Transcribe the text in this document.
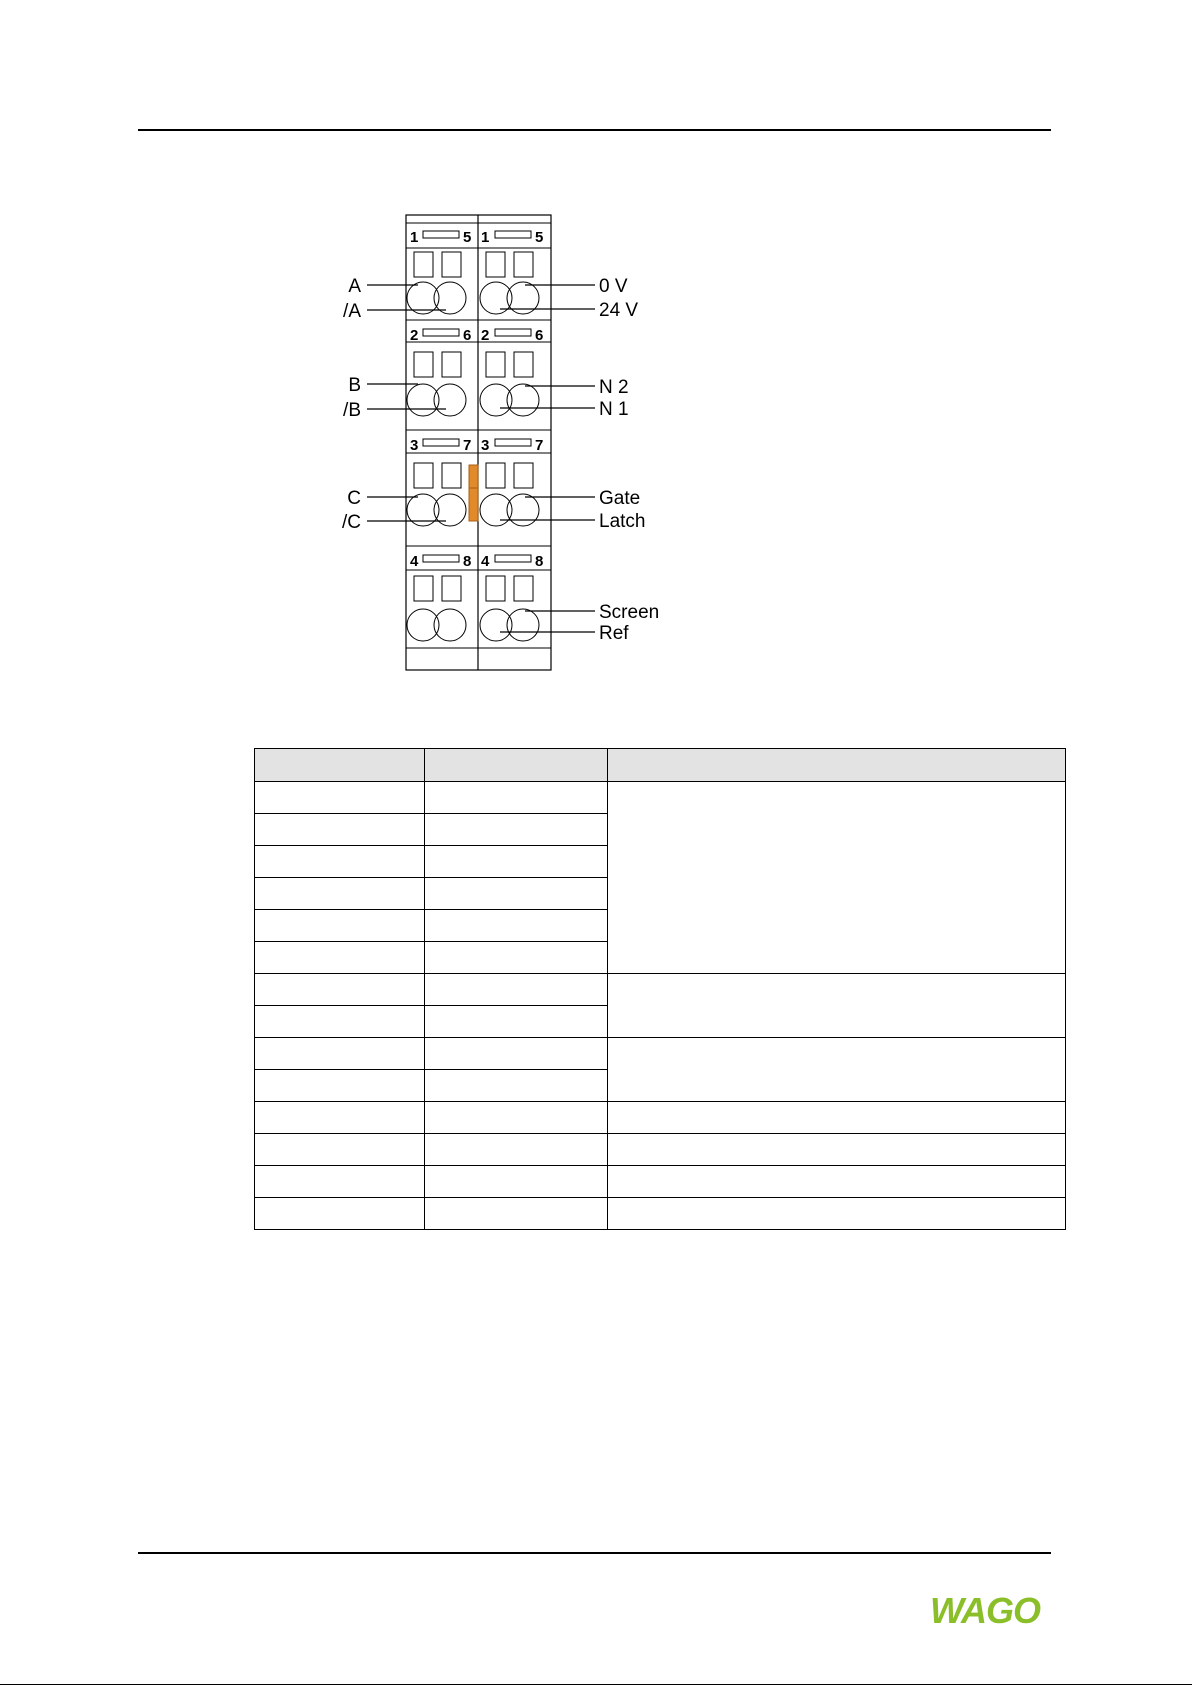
1	5 1	5
2	6 2	6
3	7 3	7
4	8 4	8
A
/A
B
/B
C
/C
0 V
24 V
N 2
N 1
Gate
Latch
Screen
Ref

WAGO
